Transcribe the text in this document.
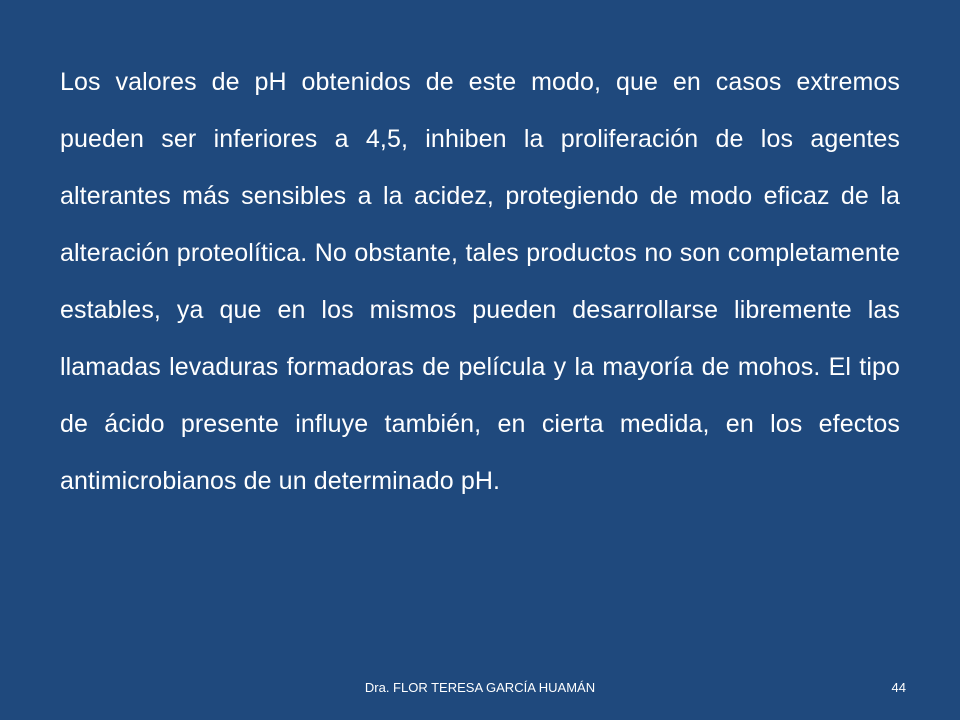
Los valores de pH obtenidos de este modo, que en casos extremos pueden ser inferiores a 4,5, inhiben la proliferación de los agentes alterantes más sensibles a la acidez, protegiendo de modo eficaz de la alteración proteolítica. No obstante, tales productos no son completamente estables, ya que en los mismos pueden desarrollarse libremente las llamadas levaduras formadoras de película y la mayoría de mohos. El tipo de ácido presente influye también, en cierta medida, en los efectos antimicrobianos de un determinado pH.

Dra. FLOR TERESA GARCÍA HUAMÁN	44
